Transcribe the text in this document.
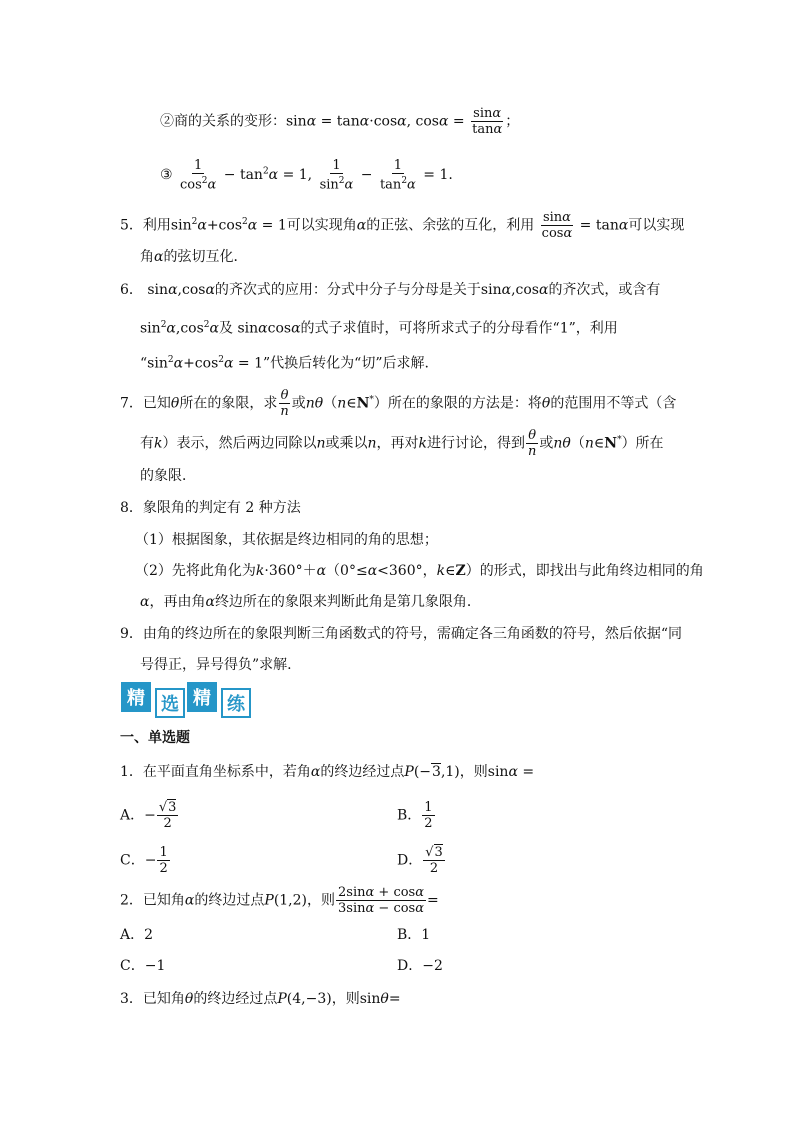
②商的关系的变形：sinα = tanα·cosα, $\cos\alpha = \frac{\sin\alpha}{\tan\alpha}$ ；
③ $\frac{1}{\cos^2\alpha} - \tan^2\alpha = 1$, $\frac{1}{\sin^2\alpha} - \frac{1}{\tan^2\alpha} = 1$.
5．利用$\sin^2\alpha+\cos^2\alpha = 1$可以实现角α的正弦、余弦的互化，利用 $\frac{\sin\alpha}{\cos\alpha} = \tan\alpha$可以实现
角α的弦切互化．
6． sinα,cosα的齐次式的应用：分式中分子与分母是关于sinα,cosα的齐次式，或含有
$\sin^2\alpha,\cos^2\alpha$及 sinαcosα的式子求值时，可将所求式子的分母看作“1”，利用
“$\sin^2\alpha+\cos^2\alpha = 1$”代换后转化为“切”后求解.
7．已知θ所在的象限，求 $\frac{\theta}{n}$ 或nθ（n∈N*）所在的象限的方法是：将θ的范围用不等式（含
有k）表示，然后两边同除以n或乘以n，再对k进行讨论，得到 $\frac{\theta}{n}$ 或nθ（n∈N*）所在
的象限．
8．象限角的判定有 2 种方法
（1）根据图象，其依据是终边相同的角的思想；
（2）先将此角化为k·360°＋α（0°≤α<360°，k∈Z）的形式，即找出与此角终边相同的角
α，再由角α终边所在的象限来判断此角是第几象限角．
9．由角的终边所在的象限判断三角函数式的符号，需确定各三角函数的符号，然后依据“同
号得正，异号得负”求解.
精 选 精 练
一、单选题
1．在平面直角坐标系中，若角α的终边经过点P(−3,1)，则sinα =
A．− $\frac{√3}{2}$	B． $\frac{1}{2}$
C．− $\frac{1}{2}$	D． $\frac{√3}{2}$
2．已知角α的终边过点P(1,2)，则 $\frac{2\sin\alpha + \cos\alpha}{3\sin\alpha - \cos\alpha}$ =
A．2	B．1
C．−1	D．−2
3．已知角θ的终边经过点P(4,−3)，则sinθ=
